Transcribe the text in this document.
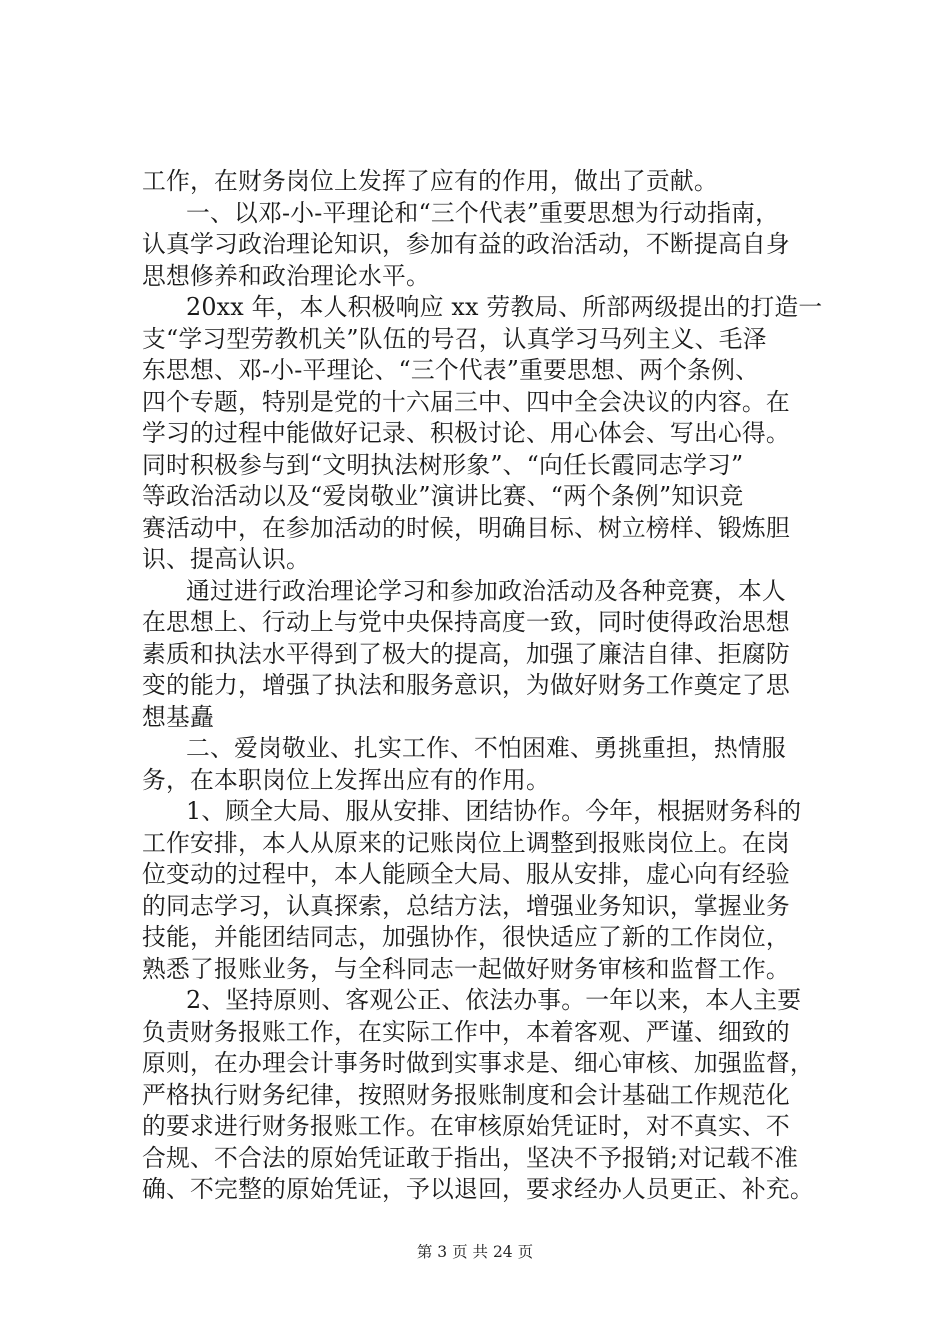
工作，在财务岗位上发挥了应有的作用，做出了贡献。
一、以邓-小-平理论和“三个代表”重要思想为行动指南，
认真学习政治理论知识，参加有益的政治活动，不断提高自身
思想修养和政治理论水平。
20xx 年，本人积极响应 xx 劳教局、所部两级提出的打造一
支“学习型劳教机关”队伍的号召，认真学习马列主义、毛泽
东思想、邓-小-平理论、“三个代表”重要思想、两个条例、
四个专题，特别是党的十六届三中、四中全会决议的内容。在
学习的过程中能做好记录、积极讨论、用心体会、写出心得。
同时积极参与到“文明执法树形象”、“向任长霞同志学习”
等政治活动以及“爱岗敬业”演讲比赛、“两个条例”知识竞
赛活动中，在参加活动的时候，明确目标、树立榜样、锻炼胆
识、提高认识。
通过进行政治理论学习和参加政治活动及各种竞赛，本人
在思想上、行动上与党中央保持高度一致，同时使得政治思想
素质和执法水平得到了极大的提高，加强了廉洁自律、拒腐防
变的能力，增强了执法和服务意识，为做好财务工作奠定了思
想基矗
二、爱岗敬业、扎实工作、不怕困难、勇挑重担，热情服
务，在本职岗位上发挥出应有的作用。
1、顾全大局、服从安排、团结协作。今年，根据财务科的
工作安排，本人从原来的记账岗位上调整到报账岗位上。在岗
位变动的过程中，本人能顾全大局、服从安排，虚心向有经验
的同志学习，认真探索，总结方法，增强业务知识，掌握业务
技能，并能团结同志，加强协作，很快适应了新的工作岗位，
熟悉了报账业务，与全科同志一起做好财务审核和监督工作。
2、坚持原则、客观公正、依法办事。一年以来，本人主要
负责财务报账工作，在实际工作中，本着客观、严谨、细致的
原则，在办理会计事务时做到实事求是、细心审核、加强监督，
严格执行财务纪律，按照财务报账制度和会计基础工作规范化
的要求进行财务报账工作。在审核原始凭证时，对不真实、不
合规、不合法的原始凭证敢于指出，坚决不予报销;对记载不准
确、不完整的原始凭证，予以退回，要求经办人员更正、补充。
第 3 页 共 24 页
